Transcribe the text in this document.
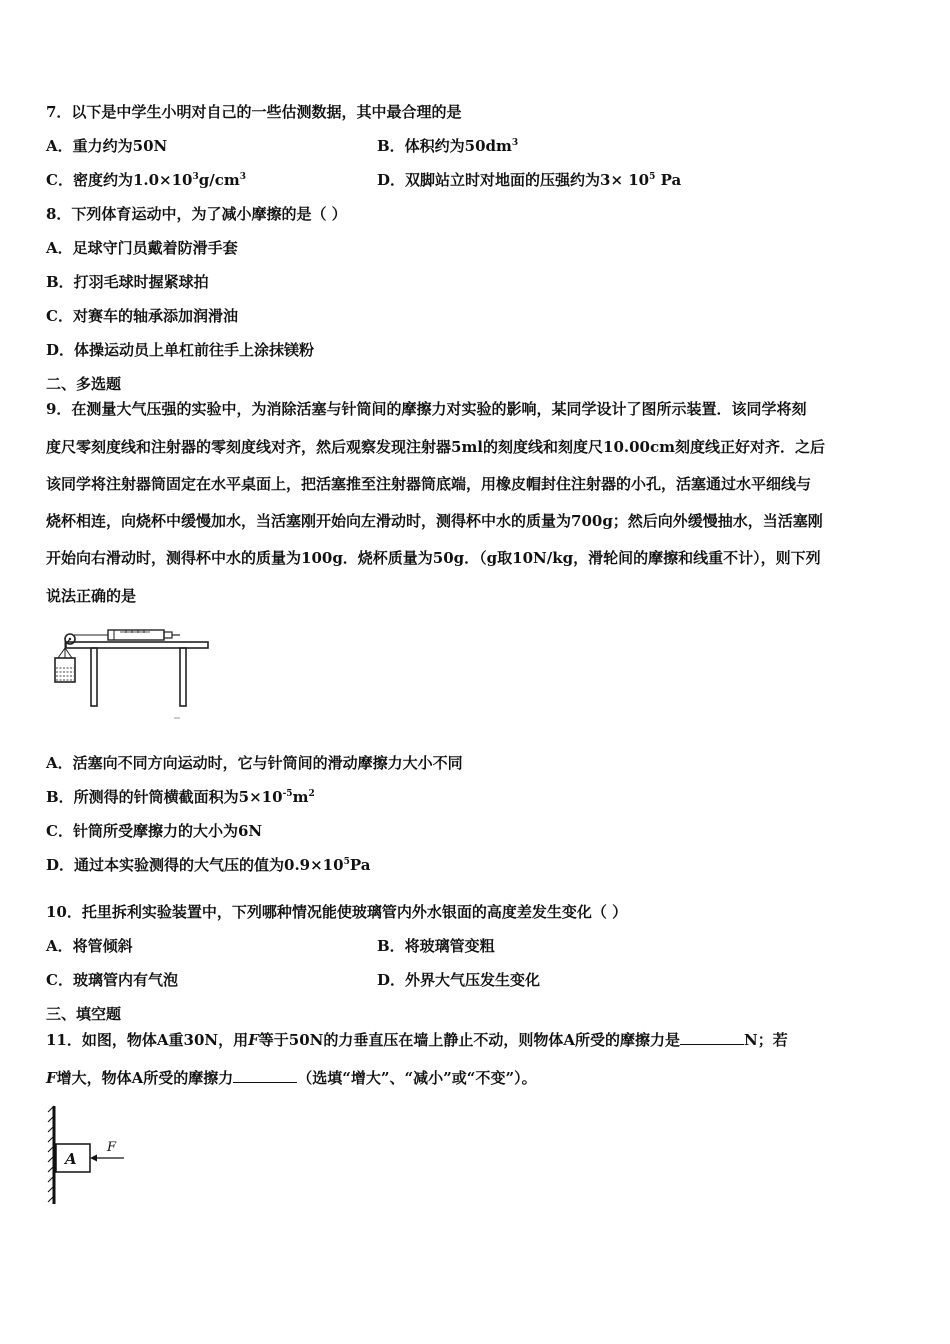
7．以下是中学生小明对自己的一些估测数据，其中最合理的是
A．重力约为50N	B．体积约为$50dm^3$
C．密度约为$1.0\times 10^3g/cm^3$	D．双脚站立时对地面的压强约为$3\times 10^5$ Pa
8．下列体育运动中，为了减小摩擦的是（ ）
A．足球守门员戴着防滑手套
B．打羽毛球时握紧球拍
C．对赛车的轴承添加润滑油
D．体操运动员上单杠前往手上涂抹镁粉
二、多选题
9．在测量大气压强的实验中，为消除活塞与针筒间的摩擦力对实验的影响，某同学设计了图所示装置．该同学将刻
度尺零刻度线和注射器的零刻度线对齐，然后观察发现注射器5ml的刻度线和刻度尺10.00cm刻度线正好对齐．之后
该同学将注射器筒固定在水平桌面上，把活塞推至注射器筒底端，用橡皮帽封住注射器的小孔，活塞通过水平细线与
烧杯相连，向烧杯中缓慢加水，当活塞刚开始向左滑动时，测得杯中水的质量为700g；然后向外缓慢抽水，当活塞刚
开始向右滑动时，测得杯中水的质量为100g．烧杯质量为50g．（g取10N/kg，滑轮间的摩擦和线重不计），则下列
说法正确的是
A．活塞向不同方向运动时，它与针筒间的滑动摩擦力大小不同
B．所测得的针筒横截面积为$5\times 10^{-5}m^2$
C．针筒所受摩擦力的大小为6N
D．通过本实验测得的大气压的值为$0.9\times 10^5Pa$
10．托里拆利实验装置中，下列哪种情况能使玻璃管内外水银面的高度差发生变化（ ）
A．将管倾斜	B．将玻璃管变粗
C．玻璃管内有气泡	D．外界大气压发生变化
三、填空题
11．如图，物体A重30N，用F等于50N的力垂直压在墙上静止不动，则物体A所受的摩擦力是	N；若
F增大，物体A所受的摩擦力	（选填“增大”、“减小”或“不变”）。
A
F
